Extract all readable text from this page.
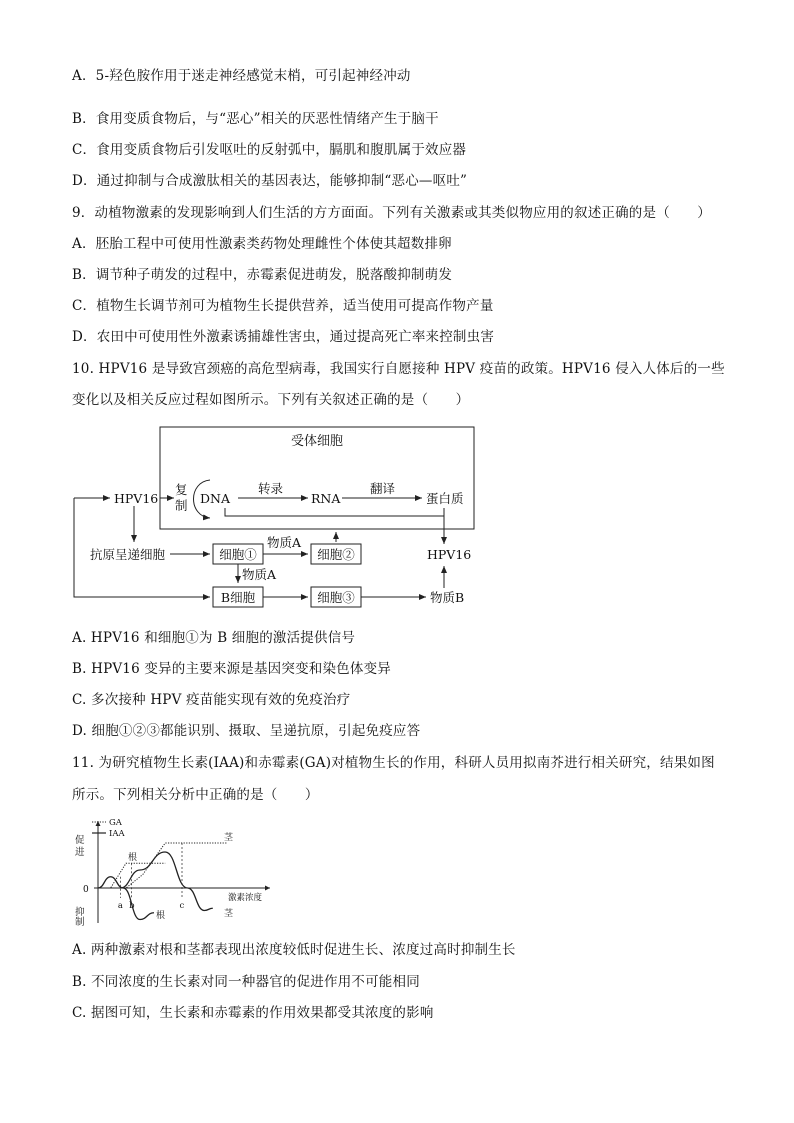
A．5-羟色胺作用于迷走神经感觉末梢，可引起神经冲动
B．食用变质食物后，与“恶心”相关的厌恶性情绪产生于脑干
C．食用变质食物后引发呕吐的反射弧中，膈肌和腹肌属于效应器
D．通过抑制与合成激肽相关的基因表达，能够抑制“恶心—呕吐”
9．动植物激素的发现影响到人们生活的方方面面。下列有关激素或其类似物应用的叙述正确的是（　　）
A．胚胎工程中可使用性激素类药物处理雌性个体使其超数排卵
B．调节种子萌发的过程中，赤霉素促进萌发，脱落酸抑制萌发
C．植物生长调节剂可为植物生长提供营养，适当使用可提高作物产量
D．农田中可使用性外激素诱捕雄性害虫，通过提高死亡率来控制虫害
10. HPV16 是导致宫颈癌的高危型病毒，我国实行自愿接种 HPV 疫苗的政策。HPV16 侵入人体后的一些
变化以及相关反应过程如图所示。下列有关叙述正确的是（　　）
受体细胞
HPV16
复
制 DNA
转录
RNA
翻译
蛋白质
抗原呈递细胞	细胞①
物质A
细胞②	HPV16
物质A
B细胞	细胞③	物质B
A. HPV16 和细胞①为 B 细胞的激活提供信号
B. HPV16 变异的主要来源是基因突变和染色体变异
C. 多次接种 HPV 疫苗能实现有效的免疫治疗
D. 细胞①②③都能识别、摄取、呈递抗原，引起免疫应答
11. 为研究植物生长素(IAA)和赤霉素(GA)对植物生长的作用，科研人员用拟南芥进行相关研究，结果如图
所示。下列相关分析中正确的是（　　）
促
进
抑
制
0
激素浓度
GA
IAA
a b	c
根
根
茎
茎
A. 两种激素对根和茎都表现出浓度较低时促进生长、浓度过高时抑制生长
B. 不同浓度的生长素对同一种器官的促进作用不可能相同
C. 据图可知，生长素和赤霉素的作用效果都受其浓度的影响
